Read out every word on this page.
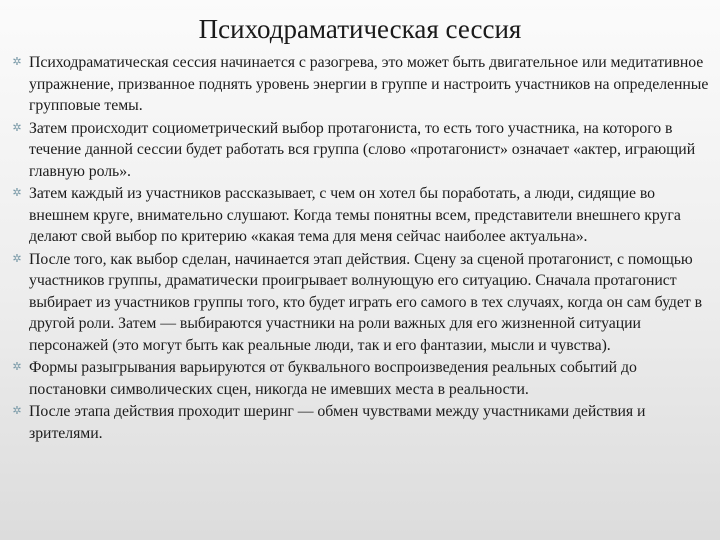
Психодраматическая сессия
✲ Психодраматическая сессия начинается с разогрева, это может быть двигательное или медитативное упражнение, призванное поднять уровень энергии в группе и настроить участников на определенные групповые темы.
✲ Затем происходит социометрический выбор протагониста, то есть того участника, на которого в течение данной сессии будет работать вся группа (слово «протагонист» означает «актер, играющий главную роль».
✲ Затем каждый из участников рассказывает, с чем он хотел бы поработать, а люди, сидящие во внешнем круге, внимательно слушают. Когда темы понятны всем, представители внешнего круга делают свой выбор по критерию «какая тема для меня сейчас наиболее актуальна».
✲ После того, как выбор сделан, начинается этап действия. Сцену за сценой протагонист, с помощью участников группы, драматически проигрывает волнующую его ситуацию. Сначала протагонист выбирает из участников группы того, кто будет играть его самого в тех случаях, когда он сам будет в другой роли. Затем — выбираются участники на роли важных для его жизненной ситуации персонажей (это могут быть как реальные люди, так и его фантазии, мысли и чувства).
✲ Формы разыгрывания варьируются от буквального воспроизведения реальных событий до постановки символических сцен, никогда не имевших места в реальности.
✲ После этапа действия проходит шеринг — обмен чувствами между участниками действия и зрителями.
